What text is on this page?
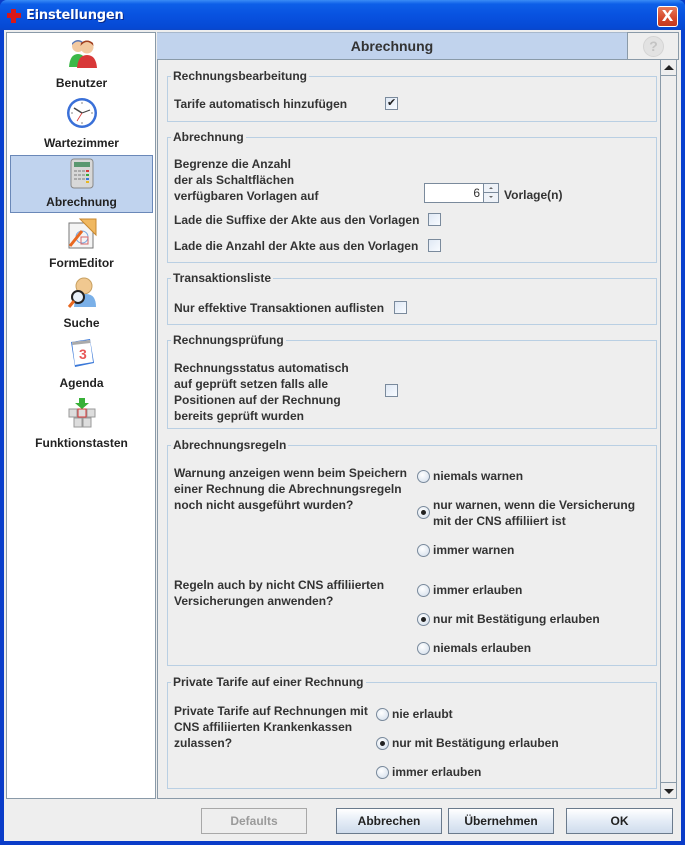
Einstellungen	X
Benutzer
Wartezimmer
Abrechnung
FormEditor
Suche
3
Agenda
Funktionstasten
Abrechnung	?
Rechnungsbearbeitung
Tarife automatisch hinzufügen
✔
Abrechnung
Begrenze die Anzahl
der als Schaltflächen
verfügbaren Vorlagen auf	6 Vorlage(n)
Lade die Suffixe der Akte aus den Vorlagen
Lade die Anzahl der Akte aus den Vorlagen
Transaktionsliste
Nur effektive Transaktionen auflisten
Rechnungsprüfung
Rechnungsstatus automatisch
auf geprüft setzen falls alle
Positionen auf der Rechnung
bereits geprüft wurden
Abrechnungsregeln
Warnung anzeigen wenn beim Speichern
einer Rechnung die Abrechnungsregeln
noch nicht ausgeführt wurden?
niemals warnen
nur warnen, wenn die Versicherung
mit der CNS affiliiert ist
immer warnen
Regeln auch by nicht CNS affiliierten
Versicherungen anwenden?
immer erlauben
nur mit Bestätigung erlauben
niemals erlauben
Private Tarife auf einer Rechnung
Private Tarife auf Rechnungen mit
CNS affiliierten Krankenkassen
zulassen?
nie erlaubt
nur mit Bestätigung erlauben
immer erlauben
Defaults	Abbrechen	Übernehmen	OK
